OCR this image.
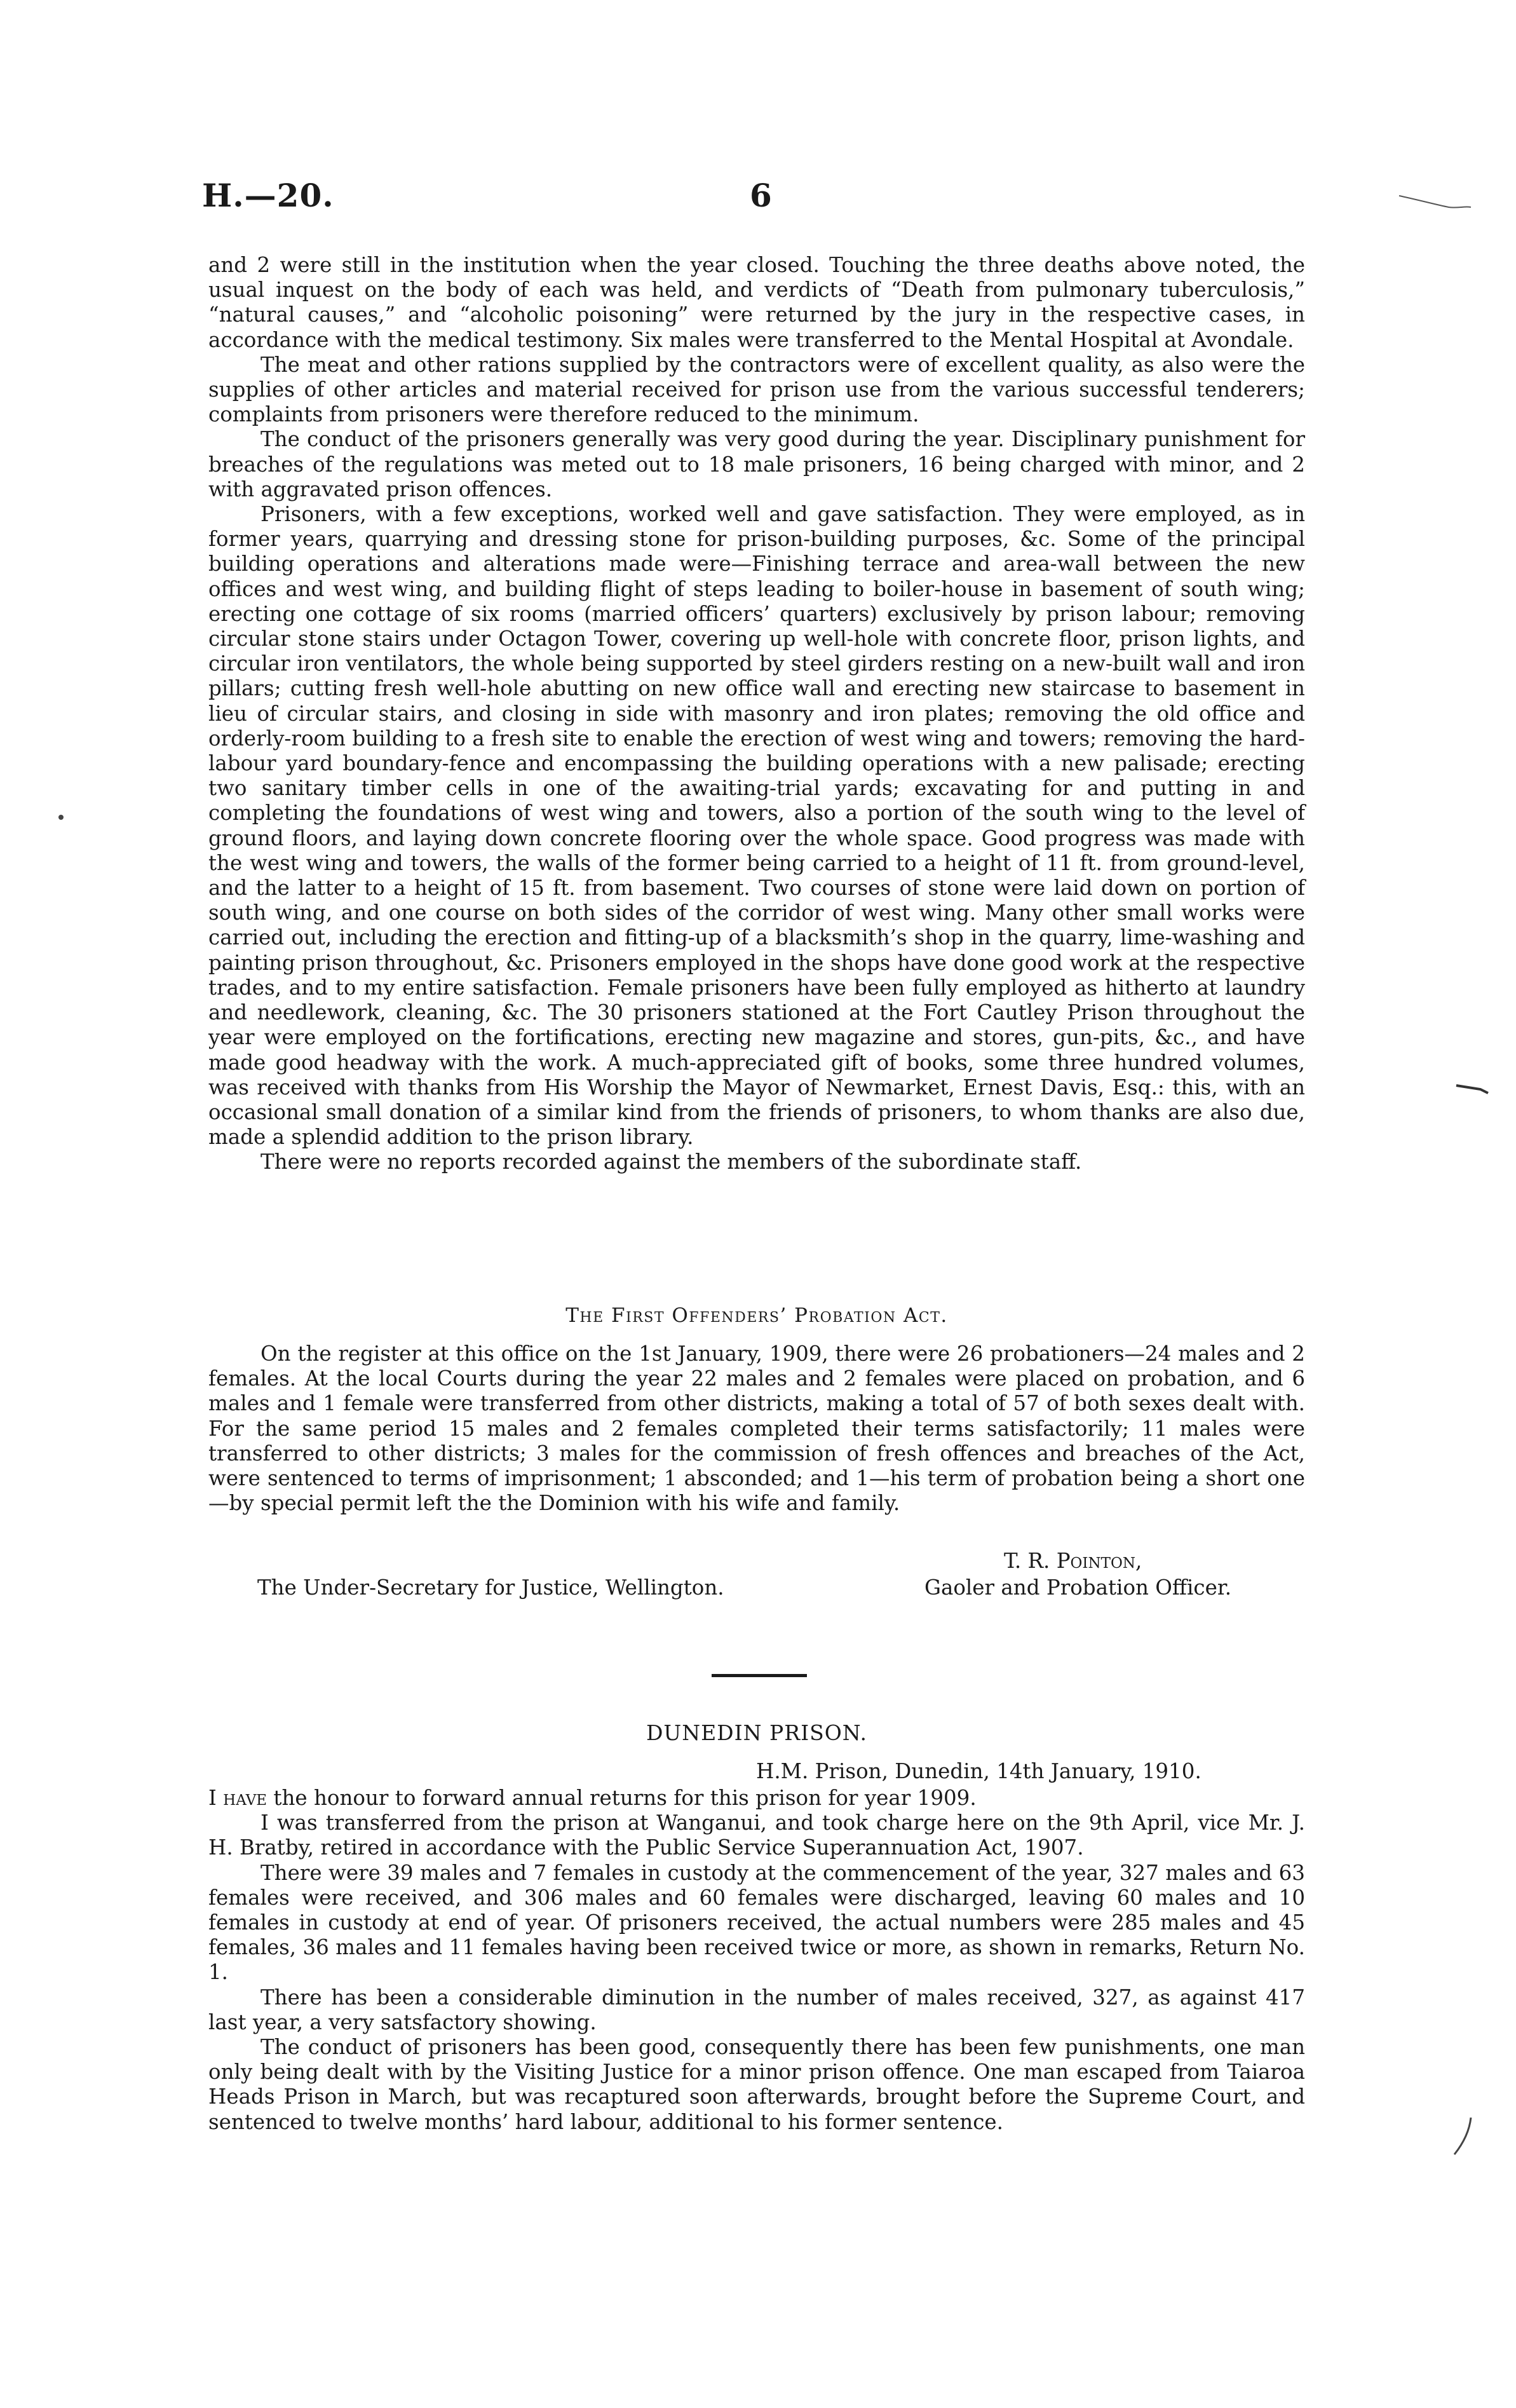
H.—20.	6

and 2 were still in the institution when the year closed. Touching the three deaths above noted, the usual inquest on the body of each was held, and verdicts of “Death from pulmonary tuberculosis,” “natural causes,” and “alcoholic poisoning” were returned by the jury in the respective cases, in accordance with the medical testimony. Six males were transferred to the Mental Hospital at Avondale.

The meat and other rations supplied by the contractors were of excellent quality, as also were the supplies of other articles and material received for prison use from the various successful tenderers; complaints from prisoners were therefore reduced to the minimum.

The conduct of the prisoners generally was very good during the year. Disciplinary punishment for breaches of the regulations was meted out to 18 male prisoners, 16 being charged with minor, and 2 with aggravated prison offences.

Prisoners, with a few exceptions, worked well and gave satisfaction. They were employed, as in former years, quarrying and dressing stone for prison-building purposes, &c. Some of the principal building operations and alterations made were—Finishing terrace and area-wall between the new offices and west wing, and building flight of steps leading to boiler-house in basement of south wing; erecting one cottage of six rooms (married officers’ quarters) exclusively by prison labour; removing circular stone stairs under Octagon Tower, covering up well-hole with concrete floor, prison lights, and circular iron ventilators, the whole being supported by steel girders resting on a new-built wall and iron pillars; cutting fresh well-hole abutting on new office wall and erecting new staircase to basement in lieu of circular stairs, and closing in side with masonry and iron plates; removing the old office and orderly-room building to a fresh site to enable the erection of west wing and towers; removing the hard-labour yard boundary-fence and encompassing the building operations with a new palisade; erecting two sanitary timber cells in one of the awaiting-trial yards; excavating for and putting in and completing the foundations of west wing and towers, also a portion of the south wing to the level of ground floors, and laying down concrete flooring over the whole space. Good progress was made with the west wing and towers, the walls of the former being carried to a height of 11 ft. from ground-level, and the latter to a height of 15 ft. from basement. Two courses of stone were laid down on portion of south wing, and one course on both sides of the corridor of west wing. Many other small works were carried out, including the erection and fitting-up of a blacksmith’s shop in the quarry, lime-washing and painting prison throughout, &c. Prisoners employed in the shops have done good work at the respective trades, and to my entire satisfaction. Female prisoners have been fully employed as hitherto at laundry and needlework, cleaning, &c. The 30 prisoners stationed at the Fort Cautley Prison throughout the year were employed on the fortifications, erecting new magazine and stores, gun-pits, &c., and have made good headway with the work. A much-appreciated gift of books, some three hundred volumes, was received with thanks from His Worship the Mayor of Newmarket, Ernest Davis, Esq.: this, with an occasional small donation of a similar kind from the friends of prisoners, to whom thanks are also due, made a splendid addition to the prison library.

There were no reports recorded against the members of the subordinate staff.

The First Offenders’ Probation Act.

On the register at this office on the 1st January, 1909, there were 26 probationers—24 males and 2 females. At the local Courts during the year 22 males and 2 females were placed on probation, and 6 males and 1 female were transferred from other districts, making a total of 57 of both sexes dealt with. For the same period 15 males and 2 females completed their terms satisfactorily; 11 males were transferred to other districts; 3 males for the commission of fresh offences and breaches of the Act, were sentenced to terms of imprisonment; 1 absconded; and 1—his term of probation being a short one—by special permit left the the Dominion with his wife and family.

T. R. Pointon,
The Under-Secretary for Justice, Wellington.	Gaoler and Probation Officer.
DUNEDIN PRISON.
H.M. Prison, Dunedin, 14th January, 1910.

I have the honour to forward annual returns for this prison for year 1909.

I was transferred from the prison at Wanganui, and took charge here on the 9th April, vice Mr. J. H. Bratby, retired in accordance with the Public Service Superannuation Act, 1907.

There were 39 males and 7 females in custody at the commencement of the year, 327 males and 63 females were received, and 306 males and 60 females were discharged, leaving 60 males and 10 females in custody at end of year. Of prisoners received, the actual numbers were 285 males and 45 females, 36 males and 11 females having been received twice or more, as shown in remarks, Return No. 1.

There has been a considerable diminution in the number of males received, 327, as against 417 last year, a very satsfactory showing.

The conduct of prisoners has been good, consequently there has been few punishments, one man only being dealt with by the Visiting Justice for a minor prison offence. One man escaped from Taiaroa Heads Prison in March, but was recaptured soon afterwards, brought before the Supreme Court, and sentenced to twelve months’ hard labour, additional to his former sentence.
